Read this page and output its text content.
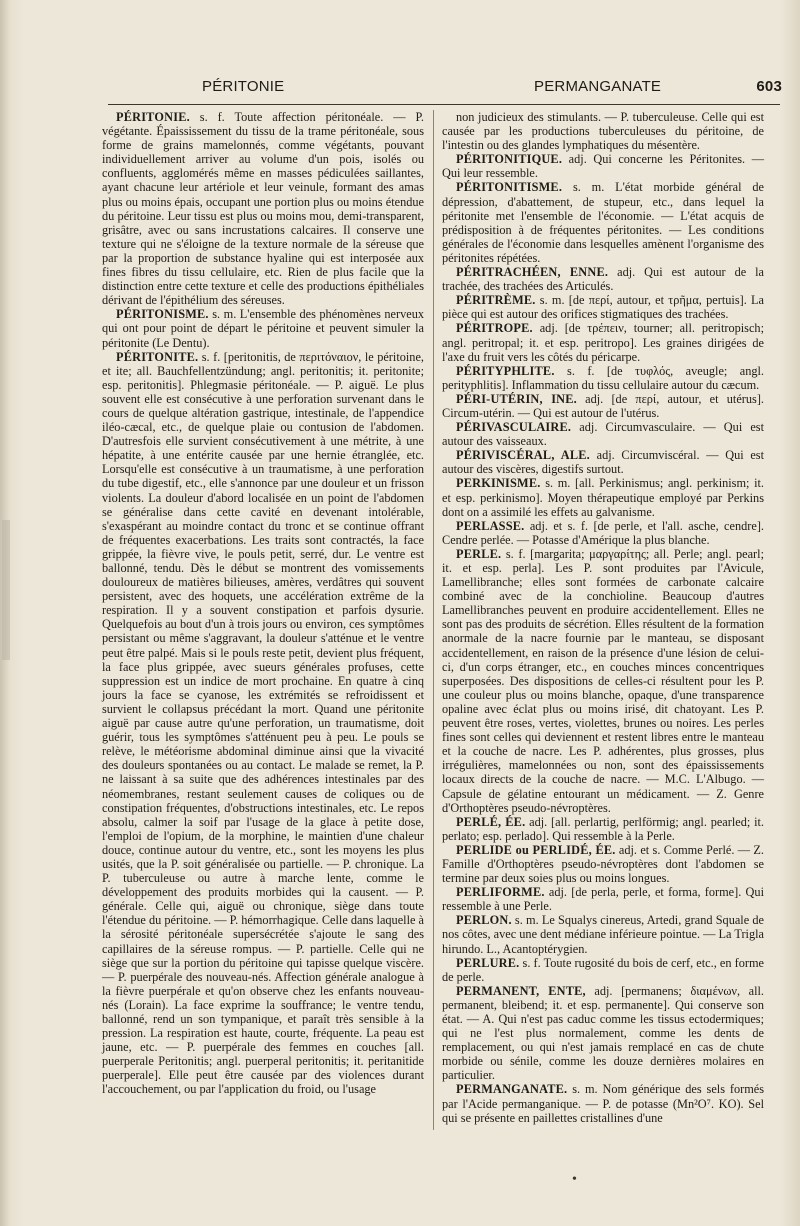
PÉRITONIE	PERMANGANATE	603

PÉRITONIE. s. f. Toute affection péritonéale. — P. végétante. Épaississement du tissu de la trame péritonéale, sous forme de grains mamelonnés, comme végétants, pouvant individuellement arriver au volume d'un pois, isolés ou confluents, agglomérés même en masses pédiculées saillantes, ayant chacune leur artériole et leur veinule, formant des amas plus ou moins épais, occupant une portion plus ou moins étendue du péritoine. Leur tissu est plus ou moins mou, demi-transparent, grisâtre, avec ou sans incrustations calcaires. Il conserve une texture qui ne s'éloigne de la texture normale de la séreuse que par la proportion de substance hyaline qui est interposée aux fines fibres du tissu cellulaire, etc. Rien de plus facile que la distinction entre cette texture et celle des productions épithéliales dérivant de l'épithélium des séreuses.

PÉRITONISME. s. m. L'ensemble des phénomènes nerveux qui ont pour point de départ le péritoine et peuvent simuler la péritonite (Le Dentu).

PÉRITONITE. s. f. [peritonitis, de περιτόναιον, le péritoine, et ite; all. Bauchfellentzündung; angl. peritonitis; it. peritonite; esp. peritonitis]. Phlegmasie péritonéale. — P. aiguë. Le plus souvent elle est consécutive à une perforation survenant dans le cours de quelque altération gastrique, intestinale, de l'appendice iléo-cæcal, etc., de quelque plaie ou contusion de l'abdomen. D'autresfois elle survient consécutivement à une métrite, à une hépatite, à une entérite causée par une hernie étranglée, etc. Lorsqu'elle est consécutive à un traumatisme, à une perforation du tube digestif, etc., elle s'annonce par une douleur et un frisson violents. La douleur d'abord localisée en un point de l'abdomen se généralise dans cette cavité en devenant intolérable, s'exaspérant au moindre contact du tronc et se continue offrant de fréquentes exacerbations. Les traits sont contractés, la face grippée, la fièvre vive, le pouls petit, serré, dur. Le ventre est ballonné, tendu. Dès le début se montrent des vomissements douloureux de matières bilieuses, amères, verdâtres qui souvent persistent, avec des hoquets, une accélération extrême de la respiration. Il y a souvent constipation et parfois dysurie. Quelquefois au bout d'un à trois jours ou environ, ces symptômes persistant ou même s'aggravant, la douleur s'atténue et le ventre peut être palpé. Mais si le pouls reste petit, devient plus fréquent, la face plus grippée, avec sueurs générales profuses, cette suppression est un indice de mort prochaine. En quatre à cinq jours la face se cyanose, les extrémités se refroidissent et survient le collapsus précédant la mort. Quand une péritonite aiguë par cause autre qu'une perforation, un traumatisme, doit guérir, tous les symptômes s'atténuent peu à peu. Le pouls se relève, le météorisme abdominal diminue ainsi que la vivacité des douleurs spontanées ou au contact. Le malade se remet, la P. ne laissant à sa suite que des adhérences intestinales par des néomembranes, restant seulement causes de coliques ou de constipation fréquentes, d'obstructions intestinales, etc. Le repos absolu, calmer la soif par l'usage de la glace à petite dose, l'emploi de l'opium, de la morphine, le maintien d'une chaleur douce, continue autour du ventre, etc., sont les moyens les plus usités, que la P. soit généralisée ou partielle. — P. chronique. La P. tuberculeuse ou autre à marche lente, comme le développement des produits morbides qui la causent. — P. générale. Celle qui, aiguë ou chronique, siège dans toute l'étendue du péritoine. — P. hémorrhagique. Celle dans laquelle à la sérosité péritonéale supersécrétée s'ajoute le sang des capillaires de la séreuse rompus. — P. partielle. Celle qui ne siège que sur la portion du péritoine qui tapisse quelque viscère. — P. puerpérale des nouveau-nés. Affection générale analogue à la fièvre puerpérale et qu'on observe chez les enfants nouveau-nés (Lorain). La face exprime la souffrance; le ventre tendu, ballonné, rend un son tympanique, et paraît très sensible à la pression. La respiration est haute, courte, fréquente. La peau est jaune, etc. — P. puerpérale des femmes en couches [all. puerperale Peritonitis; angl. puerperal peritonitis; it. peritanitide puerperale]. Elle peut être causée par des violences durant l'accouchement, ou par l'application du froid, ou l'usage

non judicieux des stimulants. — P. tuberculeuse. Celle qui est causée par les productions tuberculeuses du péritoine, de l'intestin ou des glandes lymphatiques du mésentère.

PÉRITONITIQUE. adj. Qui concerne les Péritonites. — Qui leur ressemble.

PÉRITONITISME. s. m. L'état morbide général de dépression, d'abattement, de stupeur, etc., dans lequel la péritonite met l'ensemble de l'économie. — L'état acquis de prédisposition à de fréquentes péritonites. — Les conditions générales de l'économie dans lesquelles amènent l'organisme des péritonites répétées.

PÉRITRACHÉEN, ENNE. adj. Qui est autour de la trachée, des trachées des Articulés.

PÉRITRÈME. s. m. [de περί, autour, et τρῆμα, pertuis]. La pièce qui est autour des orifices stigmatiques des trachées.

PÉRITROPE. adj. [de τρέπειν, tourner; all. peritropisch; angl. peritropal; it. et esp. peritropo]. Les graines dirigées de l'axe du fruit vers les côtés du péricarpe.

PÉRITYPHLITE. s. f. [de τυφλός, aveugle; angl. perityphlitis]. Inflammation du tissu cellulaire autour du cæcum.

PÉRI-UTÉRIN, INE. adj. [de περί, autour, et utérus]. Circum-utérin. — Qui est autour de l'utérus.

PÉRIVASCULAIRE. adj. Circumvasculaire. — Qui est autour des vaisseaux.

PÉRIVISCÉRAL, ALE. adj. Circumviscéral. — Qui est autour des viscères, digestifs surtout.

PERKINISME. s. m. [all. Perkinismus; angl. perkinism; it. et esp. perkinismo]. Moyen thérapeutique employé par Perkins dont on a assimilé les effets au galvanisme.

PERLASSE. adj. et s. f. [de perle, et l'all. asche, cendre]. Cendre perlée. — Potasse d'Amérique la plus blanche.

PERLE. s. f. [margarita; μαργαρίτης; all. Perle; angl. pearl; it. et esp. perla]. Les P. sont produites par l'Avicule, Lamellibranche; elles sont formées de carbonate calcaire combiné avec de la conchioline. Beaucoup d'autres Lamellibranches peuvent en produire accidentellement. Elles ne sont pas des produits de sécrétion. Elles résultent de la formation anormale de la nacre fournie par le manteau, se disposant accidentellement, en raison de la présence d'une lésion de celui-ci, d'un corps étranger, etc., en couches minces concentriques superposées. Des dispositions de celles-ci résultent pour les P. une couleur plus ou moins blanche, opaque, d'une transparence opaline avec éclat plus ou moins irisé, dit chatoyant. Les P. peuvent être roses, vertes, violettes, brunes ou noires. Les perles fines sont celles qui deviennent et restent libres entre le manteau et la couche de nacre. Les P. adhérentes, plus grosses, plus irrégulières, mamelonnées ou non, sont des épaississements locaux directs de la couche de nacre. — M.C. L'Albugo. — Capsule de gélatine entourant un médicament. — Z. Genre d'Orthoptères pseudo-névroptères.

PERLÉ, ÉE. adj. [all. perlartig, perlförmig; angl. pearled; it. perlato; esp. perlado]. Qui ressemble à la Perle.

PERLIDE ou PERLIDÉ, ÉE. adj. et s. Comme Perlé. — Z. Famille d'Orthoptères pseudo-névroptères dont l'abdomen se termine par deux soies plus ou moins longues.

PERLIFORME. adj. [de perla, perle, et forma, forme]. Qui ressemble à une Perle.

PERLON. s. m. Le Squalys cinereus, Artedi, grand Squale de nos côtes, avec une dent médiane inférieure pointue. — La Trigla hirundo. L., Acantoptérygien.

PERLURE. s. f. Toute rugosité du bois de cerf, etc., en forme de perle.

PERMANENT, ENTE, adj. [permanens; διαμένων, all. permanent, bleibend; it. et esp. permanente]. Qui conserve son état. — A. Qui n'est pas caduc comme les tissus ectodermiques; qui ne l'est plus normalement, comme les dents de remplacement, ou qui n'est jamais remplacé en cas de chute morbide ou sénile, comme les douze dernières molaires en particulier.

PERMANGANATE. s. m. Nom générique des sels formés par l'Acide permanganique. — P. de potasse (Mn²O⁷. KO). Sel qui se présente en paillettes cristallines d'une

•
